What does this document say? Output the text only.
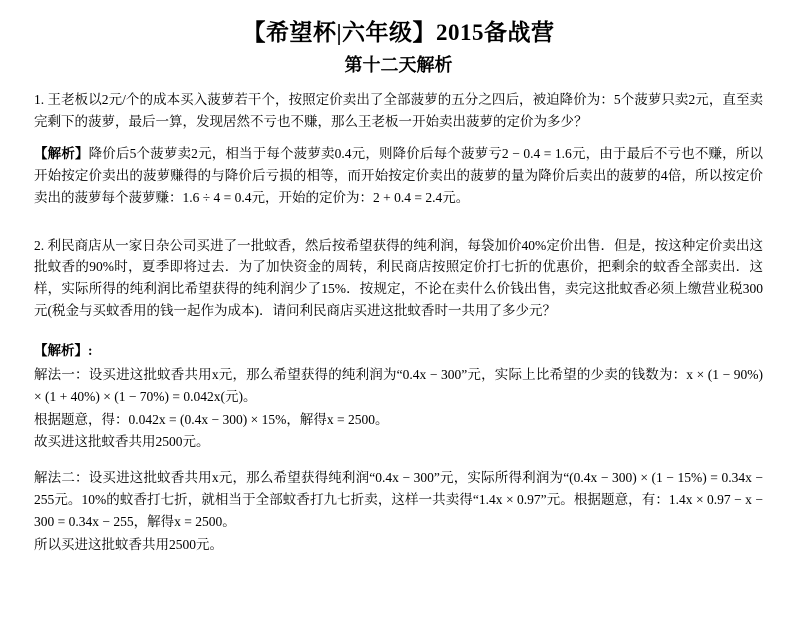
【希望杯|六年级】2015备战营
第十二天解析

1. 王老板以2元/个的成本买入菠萝若干个，按照定价卖出了全部菠萝的五分之四后，被迫降价为：5个菠萝只卖2元，直至卖完剩下的菠萝，最后一算，发现居然不亏也不赚，那么王老板一开始卖出菠萝的定价为多少？

【解析】降价后5个菠萝卖2元，相当于每个菠萝卖0.4元，则降价后每个菠萝亏2 − 0.4 = 1.6元，由于最后不亏也不赚，所以开始按定价卖出的菠萝赚得的与降价后亏损的相等，而开始按定价卖出的菠萝的量为降价后卖出的菠萝的4倍，所以按定价卖出的菠萝每个菠萝赚：1.6 ÷ 4 = 0.4元，开始的定价为：2 + 0.4 = 2.4元。

2. 利民商店从一家日杂公司买进了一批蚊香，然后按希望获得的纯利润，每袋加价40%定价出售．但是，按这种定价卖出这批蚊香的90%时，夏季即将过去．为了加快资金的周转，利民商店按照定价打七折的优惠价，把剩余的蚊香全部卖出．这样，实际所得的纯利润比希望获得的纯利润少了15%．按规定，不论在卖什么价钱出售，卖完这批蚊香必须上缴营业税300元(税金与买蚊香用的钱一起作为成本)．请问利民商店买进这批蚊香时一共用了多少元？

【解析】:

解法一：设买进这批蚊香共用x元，那么希望获得的纯利润为“0.4x − 300”元，实际上比希望的少卖的钱数为：x × (1 − 90%) × (1 + 40%) × (1 − 70%) = 0.042x(元)。

根据题意，得：0.042x = (0.4x − 300) × 15%，解得x = 2500。

故买进这批蚊香共用2500元。

解法二：设买进这批蚊香共用x元，那么希望获得纯利润“0.4x − 300”元，实际所得利润为“(0.4x − 300) × (1 − 15%) = 0.34x − 255元。10%的蚊香打七折，就相当于全部蚊香打九七折卖，这样一共卖得“1.4x × 0.97”元。根据题意，有：1.4x × 0.97 − x − 300 = 0.34x − 255，解得x = 2500。

所以买进这批蚊香共用2500元。
